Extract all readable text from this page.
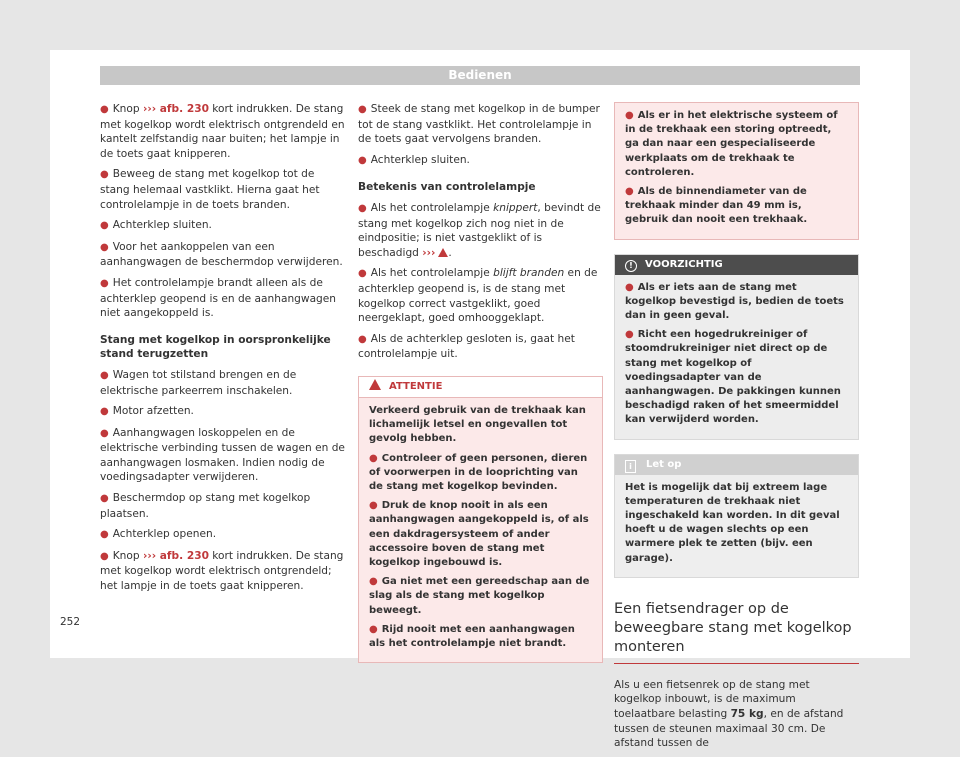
Bedienen

● Knop ››› afb. 230 kort indrukken. De stang met kogelkop wordt elektrisch ontgrendeld en kantelt zelfstandig naar buiten; het lampje in de toets gaat knipperen.

● Beweeg de stang met kogelkop tot de stang helemaal vastklikt. Hierna gaat het controlelampje in de toets branden.

● Achterklep sluiten.

● Voor het aankoppelen van een aanhangwagen de beschermdop verwijderen.

● Het controlelampje brandt alleen als de achterklep geopend is en de aanhangwagen niet aangekoppeld is.

Stang met kogelkop in oorspronkelijke stand terugzetten

● Wagen tot stilstand brengen en de elektrische parkeerrem inschakelen.

● Motor afzetten.

● Aanhangwagen loskoppelen en de elektrische verbinding tussen de wagen en de aanhangwagen losmaken. Indien nodig de voedingsadapter verwijderen.

● Beschermdop op stang met kogelkop plaatsen.

● Achterklep openen.

● Knop ››› afb. 230 kort indrukken. De stang met kogelkop wordt elektrisch ontgrendeld; het lampje in de toets gaat knipperen.

● Steek de stang met kogelkop in de bumper tot de stang vastklikt. Het controlelampje in de toets gaat vervolgens branden.

● Achterklep sluiten.

Betekenis van controlelampje

● Als het controlelampje knippert, bevindt de stang met kogelkop zich nog niet in de eindpositie; is niet vastgeklikt of is beschadigd ››› .

● Als het controlelampje blijft branden en de achterklep geopend is, is de stang met kogelkop correct vastgeklikt, goed neergeklapt, goed omhooggeklapt.

● Als de achterklep gesloten is, gaat het controlelampje uit.

ATTENTIE

Verkeerd gebruik van de trekhaak kan lichamelijk letsel en ongevallen tot gevolg hebben.

● Controleer of geen personen, dieren of voorwerpen in de looprichting van de stang met kogelkop bevinden.

● Druk de knop nooit in als een aanhangwagen aangekoppeld is, of als een dakdragersysteem of ander accessoire boven de stang met kogelkop ingebouwd is.

● Ga niet met een gereedschap aan de slag als de stang met kogelkop beweegt.

● Rijd nooit met een aanhangwagen als het controlelampje niet brandt.

● Als er in het elektrische systeem of in de trekhaak een storing optreedt, ga dan naar een gespecialiseerde werkplaats om de trekhaak te controleren.

● Als de binnendiameter van de trekhaak minder dan 49 mm is, gebruik dan nooit een trekhaak.

! VOORZICHTIG

● Als er iets aan de stang met kogelkop bevestigd is, bedien de toets dan in geen geval.

● Richt een hogedrukreiniger of stoomdrukreiniger niet direct op de stang met kogelkop of voedingsadapter van de aanhangwagen. De pakkingen kunnen beschadigd raken of het smeermiddel kan verwijderd worden.

i Let op

Het is mogelijk dat bij extreem lage temperaturen de trekhaak niet ingeschakeld kan worden. In dit geval hoeft u de wagen slechts op een warmere plek te zetten (bijv. een garage).

Een fietsendrager op de beweegbare stang met kogelkop monteren

Als u een fietsenrek op de stang met kogelkop inbouwt, is de maximum toelaatbare belasting 75 kg, en de afstand tussen de steunen maximaal 30 cm. De afstand tussen de

252
